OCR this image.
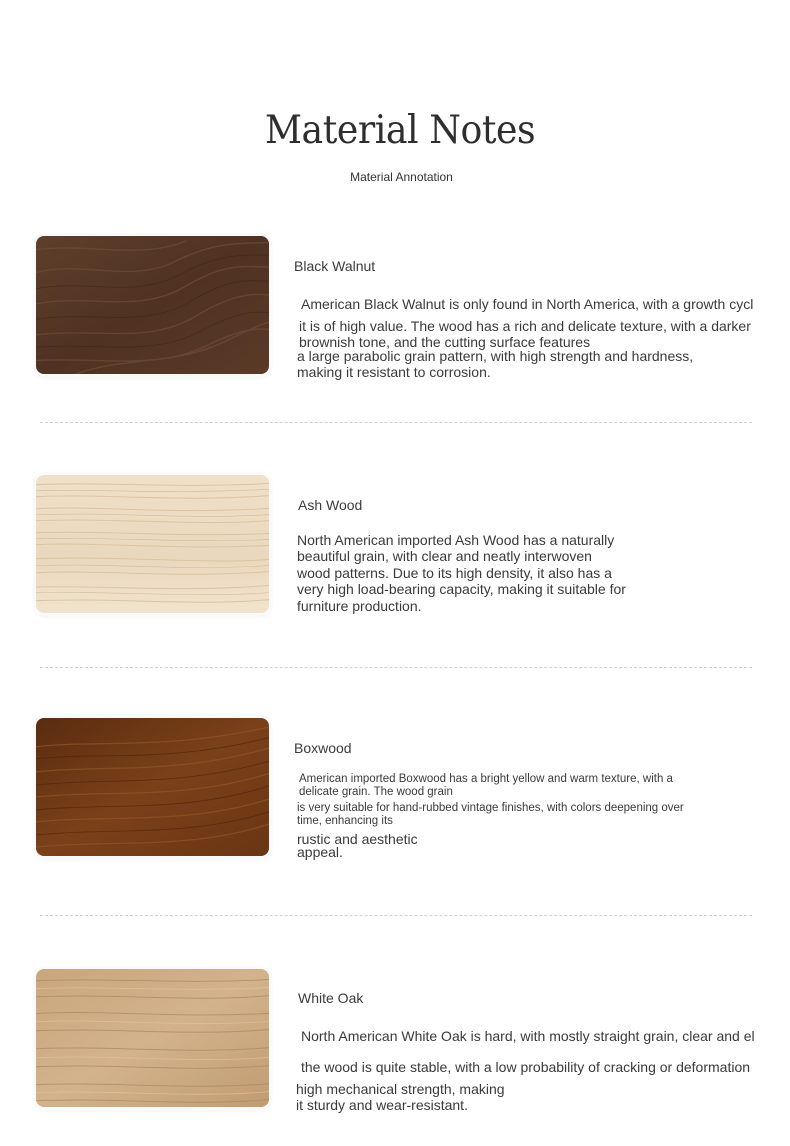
Material Notes
Material Annotation
Black Walnut
American Black Walnut is only found in North America, with a growth cycl
it is of high value. The wood has a rich and delicate texture, with a darker
brownish tone, and the cutting surface features
a large parabolic grain pattern, with high strength and hardness,
making it resistant to corrosion.
Ash Wood
North American imported Ash Wood has a naturally
beautiful grain, with clear and neatly interwoven
wood patterns. Due to its high density, it also has a
very high load-bearing capacity, making it suitable for
furniture production.
Boxwood
American imported Boxwood has a bright yellow and warm texture, with a
delicate grain. The wood grain
is very suitable for hand-rubbed vintage finishes, with colors deepening over
time, enhancing its
rustic and aesthetic
appeal.
White Oak
North American White Oak is hard, with mostly straight grain, clear and el
the wood is quite stable, with a low probability of cracking or deformation
high mechanical strength, making
it sturdy and wear-resistant.
